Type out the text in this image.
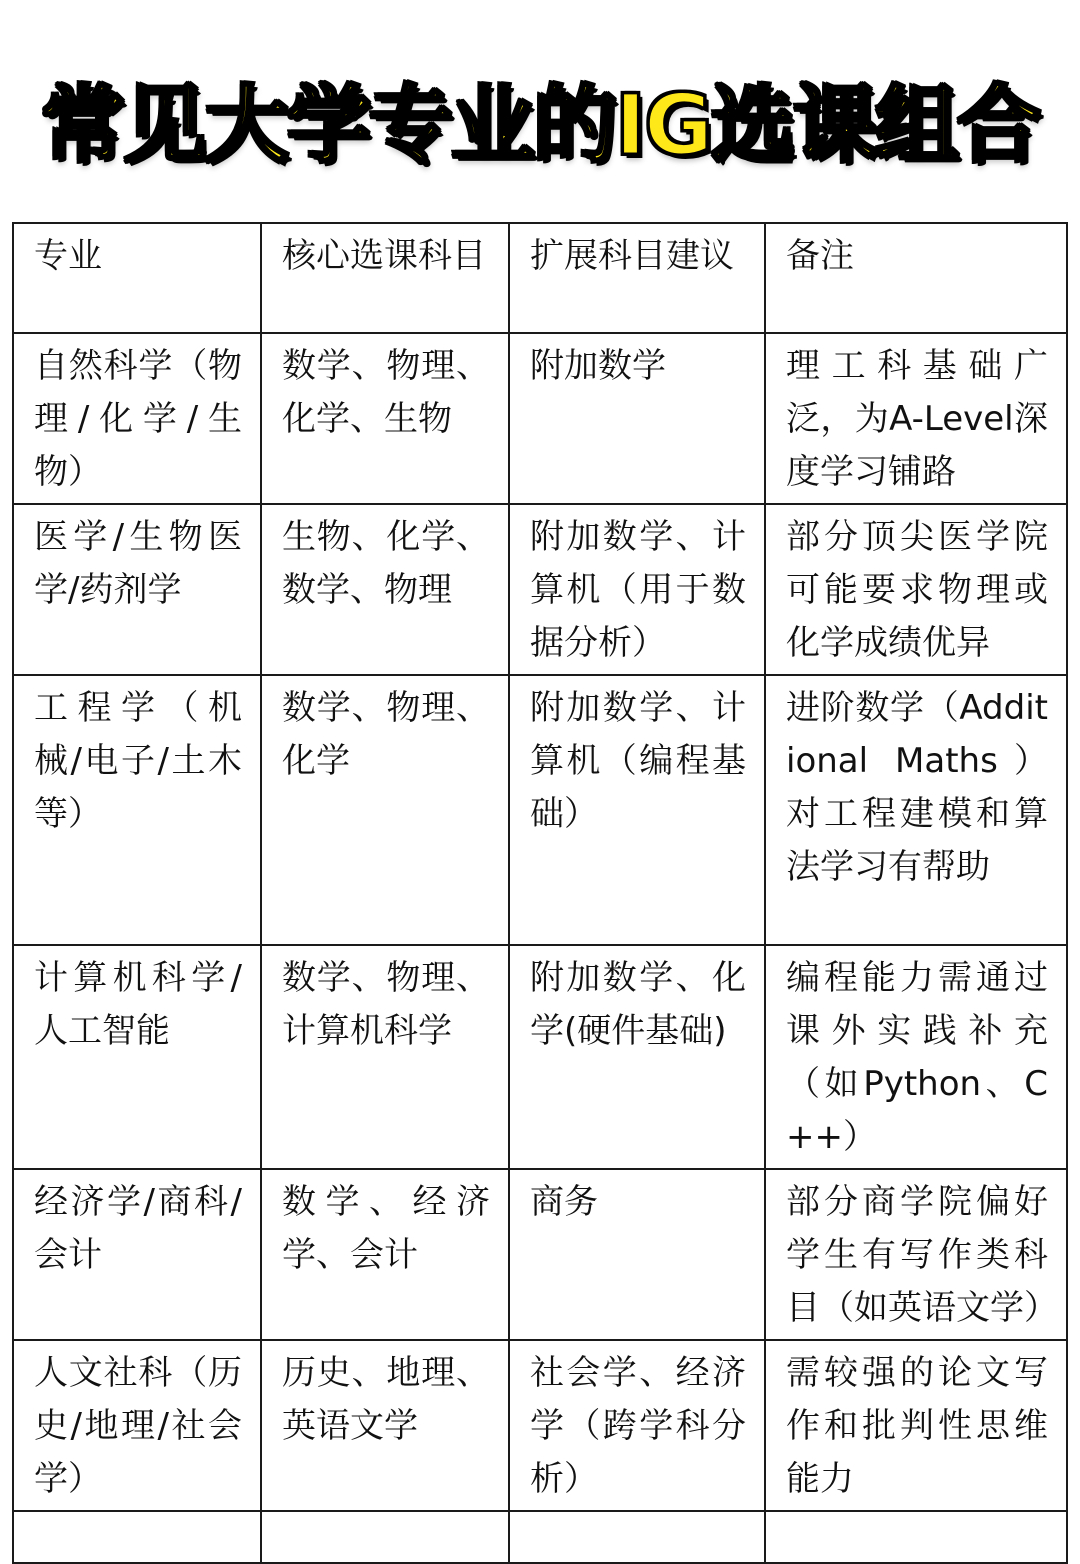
常见大学专业的IG选课组合
专业	核心选课科目	扩展科目建议	备注
自然科学（物理/化学/生物）	数学、物理、化学、生物	附加数学	理工科基础广泛，为A-Level深度学习铺路
医学/生物医学/药剂学	生物、化学、数学、物理	附加数学、计算机（用于数据分析）	部分顶尖医学院可能要求物理或化学成绩优异
工程学（机械/电子/土木等）	数学、物理、化学	附加数学、计算机（编程基础）	进阶数学（Additional Maths）对工程建模和算法学习有帮助
计算机科学/人工智能	数学、物理、计算机科学	附加数学、化学(硬件基础)	编程能力需通过课外实践补充（如Python、C++）
经济学/商科/会计	数学、经济学、会计	商务	部分商学院偏好学生有写作类科目（如英语文学）
人文社科（历史/地理/社会学）	历史、地理、英语文学	社会学、经济学（跨学科分析）	需较强的论文写作和批判性思维能力
